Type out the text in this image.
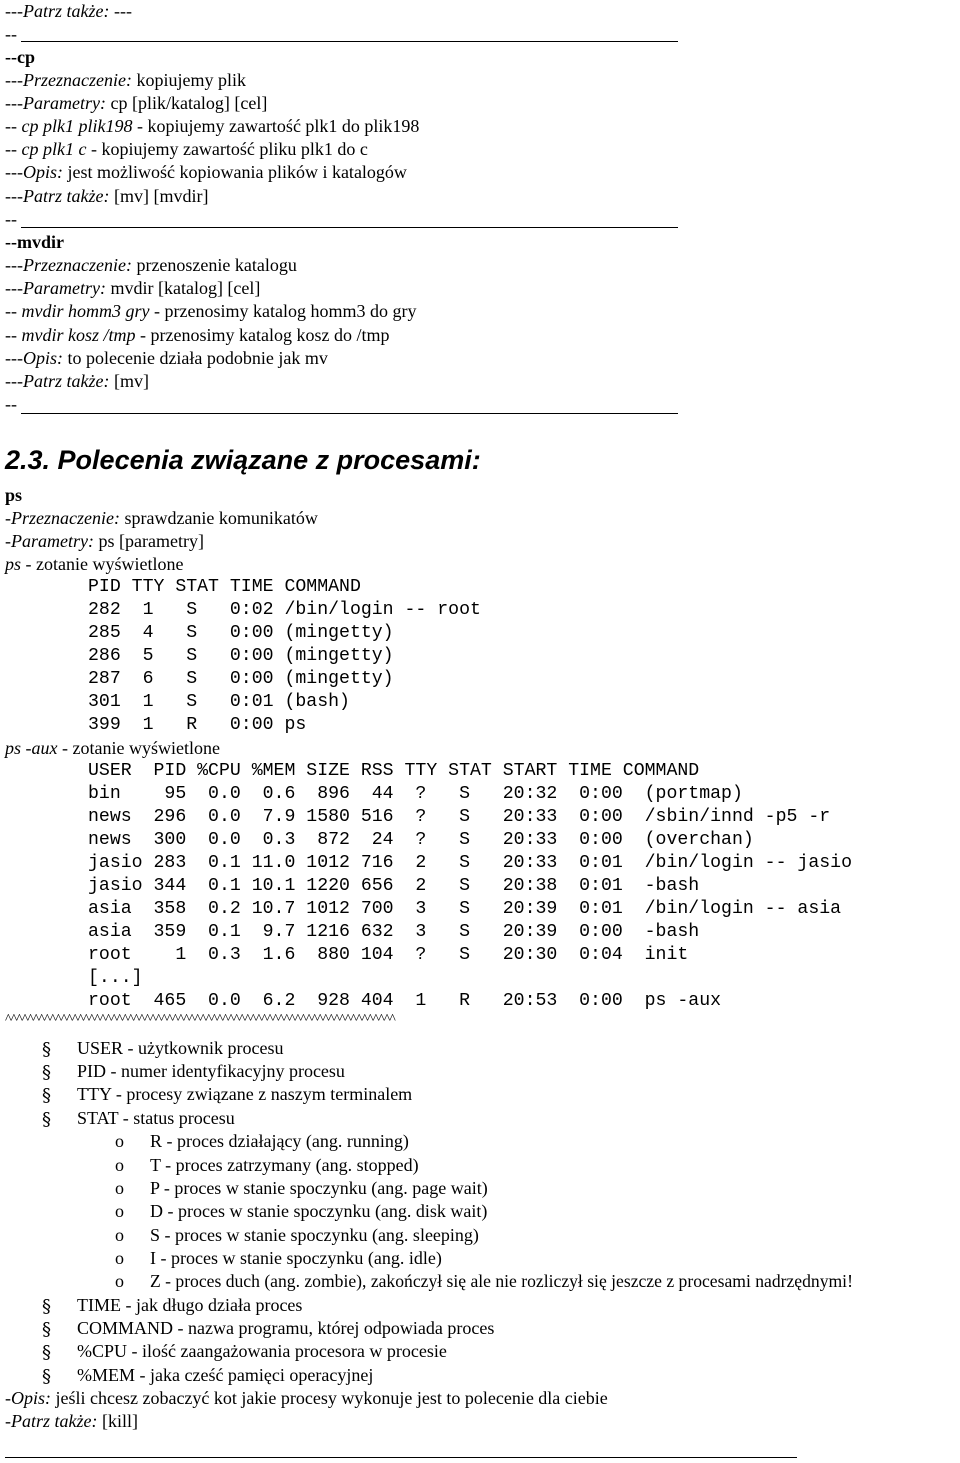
---Patrz także: ---
--
--cp
---Przeznaczenie: kopiujemy plik
---Parametry: cp [plik/katalog] [cel]
-- cp plk1 plik198 - kopiujemy zawartość plk1 do plik198
-- cp plk1 c - kopiujemy zawartość pliku plk1 do c
---Opis: jest możliwość kopiowania plików i katalogów
---Patrz także: [mv] [mvdir]
--
--mvdir
---Przeznaczenie: przenoszenie katalogu
---Parametry: mvdir [katalog] [cel]
-- mvdir homm3 gry - przenosimy katalog homm3 do gry
-- mvdir kosz /tmp - przenosimy katalog kosz do /tmp
---Opis: to polecenie działa podobnie jak mv
---Patrz także: [mv]
--
2.3. Polecenia związane z procesami:
ps
-Przeznaczenie: sprawdzanie komunikatów
-Parametry: ps [parametry]
ps - zotanie wyświetlone
PID TTY STAT TIME COMMAND
282  1   S   0:02 /bin/login -- root
285  4   S   0:00 (mingetty)
286  5   S   0:00 (mingetty)
287  6   S   0:00 (mingetty)
301  1   S   0:01 (bash)
399  1   R   0:00 ps
ps -aux - zotanie wyświetlone
USER  PID %CPU %MEM SIZE RSS TTY STAT START TIME COMMAND
bin    95  0.0  0.6  896  44  ?   S   20:32  0:00  (portmap)
news  296  0.0  7.9 1580 516  ?   S   20:33  0:00  /sbin/innd -p5 -r
news  300  0.0  0.3  872  24  ?   S   20:33  0:00  (overchan)
jasio 283  0.1 11.0 1012 716  2   S   20:33  0:01  /bin/login -- jasio
jasio 344  0.1 10.1 1220 656  2   S   20:38  0:01  -bash
asia  358  0.2 10.7 1012 700  3   S   20:39  0:01  /bin/login -- asia
asia  359  0.1  9.7 1216 632  3   S   20:39  0:00  -bash
root    1  0.3  1.6  880 104  ?   S   20:30  0:04  init
[...]
root  465  0.0  6.2  928 404  1   R   20:53  0:00  ps -aux
^^^^^^^^^^^^^^^^^^^^^^^^^^^^^^^^^^^^^^^^^^^^^^^^^^^^^^^^^^^^^^^^^^^^^^
§ USER - użytkownik procesu
§ PID - numer identyfikacyjny procesu
§ TTY - procesy związane z naszym terminalem
§ STAT - status procesu
o R - proces działający (ang. running)
o T - proces zatrzymany (ang. stopped)
o P - proces w stanie spoczynku (ang. page wait)
o D - proces w stanie spoczynku (ang. disk wait)
o S - proces w stanie spoczynku (ang. sleeping)
o I - proces w stanie spoczynku (ang. idle)
o Z - proces duch (ang. zombie), zakończył się ale nie rozliczył się jeszcze z procesami nadrzędnymi!
§ TIME - jak długo działa proces
§ COMMAND - nazwa programu, której odpowiada proces
§ %CPU - ilość zaangażowania procesora w procesie
§ %MEM - jaka cześć pamięci operacyjnej
-Opis: jeśli chcesz zobaczyć kot jakie procesy wykonuje jest to polecenie dla ciebie
-Patrz także: [kill]
